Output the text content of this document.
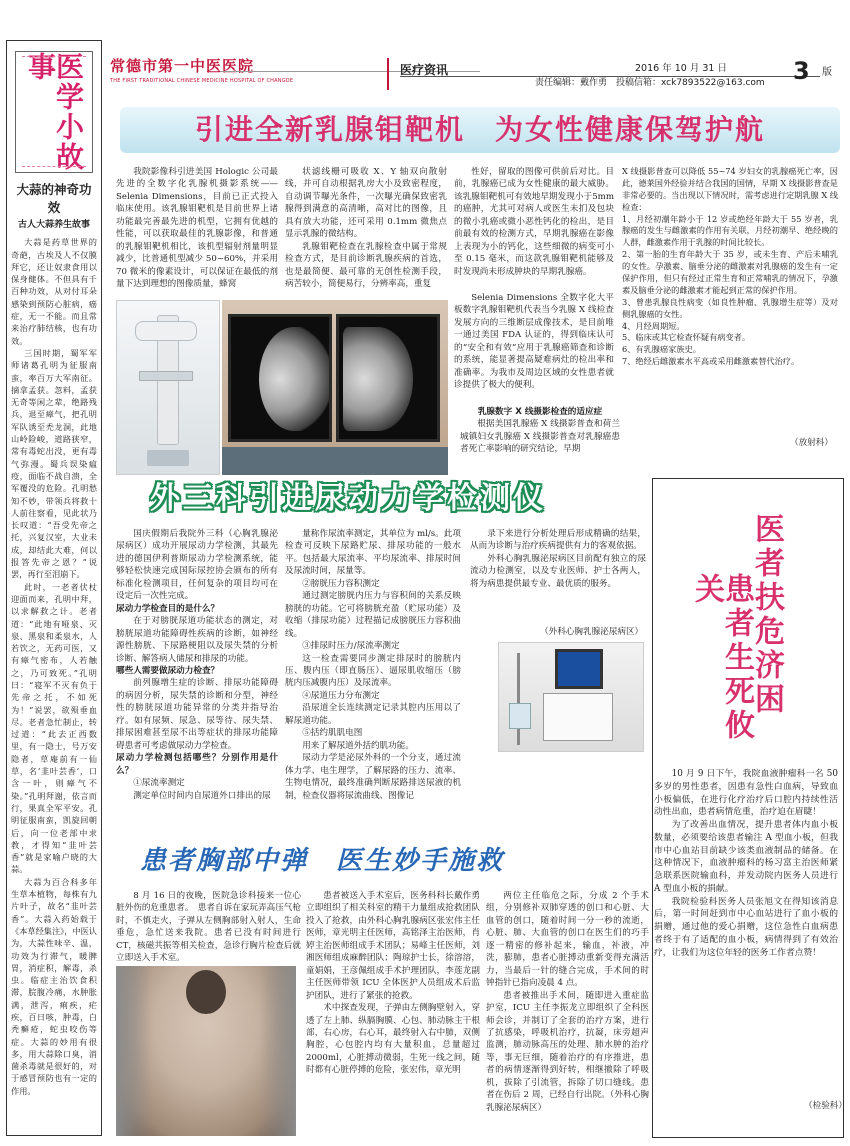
医学小故事
大蒜的神奇功效
古人大蒜养生故事

大蒜是药草世界的奇葩，古埃及人不仅膜拜它，还让奴隶食用以保身健体。不但具有千百种功效，从对付耳朵感染到预防心脏病，癌症，无一不能。而且常来治疗肺结核，也有功效。

三国时期，蜀军军师诸葛孔明为征服南蛮，率百万大军南征。摘拿孟获。忽料，孟获无奇等闲之辈，绝路残兵，退至瘴气，把孔明军队诱至禿龙洞，此地山岭险峻，道路狭窄，常有毒蛇出没，更有毒气弥漫。蜀兵误染瘟疫，面临不战自溃，全军覆没的危险。孔明愁知不妙，带领兵将救十人前往察看，见此状乃长叹道：“吾受先帝之托，兴复汉室，大业未成，却结此大难，何以报答先帝之恩？”说罢，再行至泪崩下。

此时，一老者伏杖迎面而来，孔明中拜，以求解救之计。老者道：“此地有哑泉、灭泉、黑泉和柔泉水，人若饮之，无药可医，又有瘴气密布，人若触之，乃可致死。”孔明曰：“寝军不灭有负于先帝之托，不如死为！”说罢，欲殒垂血尽。老者急忙制止，转过道：“此去正西数里，有一隐士，号万安隐者，草庵前有一仙草，名‘韭叶芸香’，口含一叶，则瘴气不染。”孔明拜谢，依言而行，果真全军平安。孔明征服南蛮，凯旋回朝后，向一位老部中求教，才得知“韭叶芸香”就是家喻户晓的大蒜。

大蒜为百合科多年生草本植物，每株有九片叶子，故名“韭叶芸香”。大蒜入药始载于《本草经集注》，中医认为，大蒜性味辛、温，功效为行滞气，暖脾胃，消症积，解毒，杀虫。临症主治饮食积滞，脘腹冷痛，水肿胀满，泄泻，痢疾，疟疾，百日咳，肿毒，白秃癣疮，蛇虫咬伤等症。大蒜的妙用有很多，用大蒜除口臭，消菌杀毒就是很好的，对于感冒预防也有一定的作用。

常德市第一中医医院
THE FIRST TRADITIONAL CHINESE MEDICINE HOSPITAL OF CHANGDE
医疗资讯	2016 年 10 月 31 日	3 版
责任编辑：戴作勇　投稿信箱：xck7893522@163.com
引进全新乳腺钼靶机　为女性健康保驾护航

我院影像科引进美国 Hologic 公司最先进的全数字化乳腺机摄影系统——Selenia Dimensions，目前已正式投入临床使用。该乳腺钼靶机是目前世界上诸功能最完善最先进的机型，它拥有优越的性能，可以获取最佳的乳腺影像，和普通的乳腺钼靶机相比，该机型辐射剂量明显减少，比普通机型减少 50~60%，并采用 70 微米的像素设计，可以保证在最低的剂量下达到理想的图像质量，蜂窝

状滤线栅可吸收 X、Y 轴双向散射线，并可自动根据乳房大小及致密程度，自动调节曝光条件，一次曝光确保致密乳腺得到满意的高清晰，高对比的图像，且具有放大功能，还可采用 0.1mm 微焦点显示乳腺的微结构。

乳腺钼靶检查在乳腺检查中属于常规检查方式，是目前诊断乳腺疾病的首选，也是最简便、最可靠的无创性检测手段，病苦较小，简便易行，分辨率高，重复

性好，留取的图像可供前后对比。目前，乳腺癌已成为女性健康的最大威胁。该乳腺钼靶机可有效地早期发现小于5mm 的癌肿，尤其可对病人或医生未扪及包块的微小乳癌或微小恶性钙化的检出，是目前最有效的检测方式，早期乳腺癌在影像上表现为小的钙化，这些细微的病变可小至 0.15 毫米，而这款乳腺钼靶机能够及时发现尚未形成肿块的早期乳腺癌。

Selenia Dimensions 全数字化大平板数字乳腺钼靶机代表当今乳腺 X 线检查发展方向的三维断层成像技术，是目前唯一通过美国 FDA 认证的，得到临床认可的“安全和有效”应用于乳腺癌筛查和诊断的系统，能显著提高疑难病灶的检出率和准确率。为我市及周边区域的女性患者就诊提供了极大的便利。

乳腺数字 X 线摄影检查的适应症
根据美国乳腺癌 X 线摄影普查和荷兰城镇妇女乳腺癌 X 线摄影普查对乳腺癌患者死亡率影响的研究结论，早期

X 线摄影普查可以降低 55~74 岁妇女的乳腺癌死亡率，因此，德莱国外经验并结合我国的国情，早期 X 线摄影普查是非常必要的。当出现以下情况时，需考虑进行定期乳腺 X 线检查：

1、月经初潮年龄小于 12 岁或绝经年龄大于 55 岁者，乳腺癌的发生与雌激素的作用有关联，月经初潮早、绝经晚的人群，雌激素作用于乳腺的时间比较长。

2、第一胎的生育年龄大于 35 岁，或未生育、产后未哺乳的女性。孕激素、脑垂分泌的雌激素对乳腺癌的发生有一定保护作用，但只有经过正常生育和正常哺乳的情况下，孕激素及脑垂分泌的雌激素才能起到正常的保护作用。

3、曾患乳腺良性病变（如良性肿瘤、乳腺增生症等）及对侧乳腺癌的女性。

4、月经周期短。

5、临床或其它检查怀疑有病变者。

6、有乳腺癌家族史。

7、绝经后雌激素水平高或采用雌激素替代治疗。

（放射科）
外三科引进尿动力学检测仪

国庆假期后我院外三科（心胸乳腺泌尿病区）成功开展尿动力学检测，其最先进的德国伊利普斯尿动力学检测系统，能够轻松快速完成国际尿控协会颁布的所有标准化检测项目，任何复杂的项目均可在设定后一次性完成。

尿动力学检查目的是什么？

在于对膀胱尿道功能状态的测定，对膀胱尿道功能障碍性疾病的诊断，如神经源性膀胱、下尿路梗阻以及尿失禁的分析诊断、解答病人储尿和排尿的功能。

哪些人需要做尿动力检查？

前列腺增生症的诊断、排尿功能障碍的病因分析，尿失禁的诊断和分型，神经性的膀胱尿道功能异常的分类并指导治疗。如有尿频、尿急、尿等待、尿失禁、排尿困难甚至尿不出等症状的排尿功能障碍患者可考虑做尿动力学检查。

尿动力学检测包括哪些？分别作用是什么？

①尿流率测定

测定单位时间内自尿道外口排出的尿

量称作尿流率测定，其单位为 ml/s。此项检查可反映下尿路贮尿、排尿功能的一般水平。包括最大尿流率、平均尿流率、排尿时间及尿流时间，尿量等。

②膀胱压力容积测定

通过测定膀胱内压力与容积间的关系反映膀胱的功能。它可将膀胱充盈（贮尿功能）及收缩（排尿功能）过程描记成膀胱压力容积曲线。

③排尿时压力/尿流率测定

这一检查需要同步测定排尿时的膀胱内压、腹内压（即直肠压）、逼尿肌收缩压（膀胱内压减腹内压）及尿流率。

④尿道压力分布测定

沿尿道全长连续测定记录其腔内压用以了解尿道功能。

⑤括约肌肌电图

用来了解尿道外括约肌功能。

尿动力学是泌尿外科的一个分支，通过流体力学、电生理学，了解尿路的压力、流率、生物电情况，最终准确判断尿路排送尿液的机制，检查仪器将尿流曲线、图像记

录下来进行分析处理后形成精确的结果，从而为诊断与治疗疾病提供有力的客观依据。

外科心胸乳腺泌尿病区目前配有独立的尿流动力检测室，以及专业医师、护士各两人，将为病患提供最专业、最优质的服务。

（外科心胸乳腺泌尿病区）
患者胸部中弹　医生妙手施救

8 月 16 日的夜晚，医院急诊科接来一位心脏外伤的危重患者。　患者自诉在家玩弄高压气枪时，不慎走火，子弹从左侧胸部射入射人，生命垂危，急忙送来我院。患者已没有时间进行 CT，核磁共振等相关检查，急诊行胸片检查后就立即送入手术室。

患者被送入手术室后，医务科科长戴作勇立即组织了相关科室的精干力量组成抢救团队投入了抢救，由外科心胸乳腺病区张宏伟主任医师，章光明主任医师，高铭泽主治医师，肖婷主治医师组成手术团队；易峰主任医师，刘湘医师组成麻醉团队；陶琼护士长，徐溶溶，童娟娟，王彦佩组成手术护理团队，李莲龙副主任医师带领 ICU 全体医护人员组成术后监护团队，进行了紧张的抢救。

术中探查发现，子弹由左侧胸壁射入，穿透了左上肺、纵膈胸膜、心包、肺动脉主干根部，右心房，右心耳，最终射入右中肺，双侧胸腔，心包腔内均有大量积血，总量超过 2000ml，心脏搏动微弱，生死一线之间，随时都有心脏停搏的危险，张宏伟，章光明

两位主任临危之际，分成 2 个手术组，分别修补双肺穿透的创口和心脏、大血管的创口，随着时间一分一秒的流逝，心脏、肺、大血管的创口在医生们的巧手逐一精密的修补起来，输血，补液，冲洗，膨肺，患者心脏搏动重新变得充满活力，当最后一针的缝合完成，手术间的时钟指针已指向凌晨 4 点。

患者被推出手术间，随即进入重症监护室，ICU 主任李振龙立即组织了全科医师会诊，并制订了全套的治疗方案，进行了抗感染，呼吸机治疗，抗凝，床旁超声监测，肺动脉高压的处理、肺水肿的治疗等，事无巨细，随着治疗的有序推进，患者的病情逐渐得到好转，相继撤除了呼吸机，拔除了引流管，拆除了切口缝线。患者在伤后 2 周，已经自行出院。（外科心胸乳腺泌尿病区）

患者生死攸关 医者扶危济困

10 月 9 日下午，我院血液肿瘤科一名 50 多岁的男性患者，因患有急性白血病，导致血小板偏低，在进行化疗治疗后口腔内持续性活动性出血，患者病情危重，治疗迫在眉睫！

为了改善出血情况，提升患者体内血小板数量，必须要给该患者输注 A 型血小板，但我市中心血站目前缺少该类血液制品的储备。在这种情况下，血液肿瘤科的杨习富主治医师紧急联系医院输血科，并发动院内医务人员进行 A 型血小板的捐献。

我院检验科医务人员张旭文在得知该消息后，第一时间赶到市中心血站进行了血小板的捐赠，通过他的爱心捐赠，这位急性白血病患者终于有了适配的血小板，病情得到了有效治疗，让我们为这位年轻的医务工作者点赞！

（检验科）
